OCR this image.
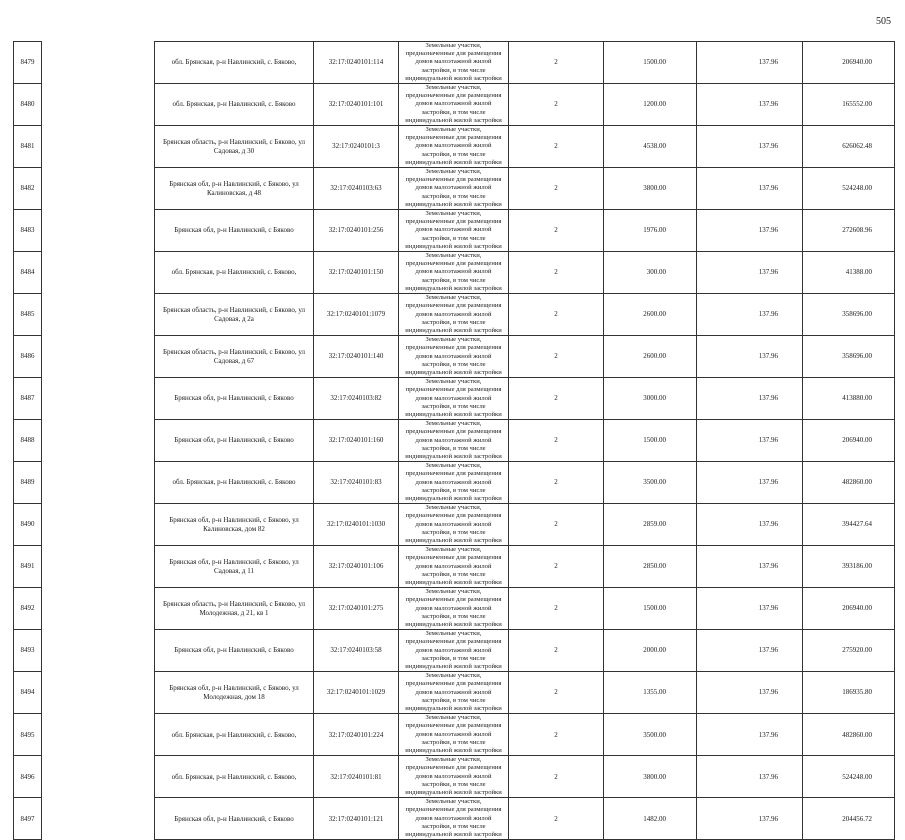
505
8479		обл. Брянская, р-н Навлинский, с. Бяково,	32:17:0240101:114	Земельные участки, предназначенные для размещения домов малоэтажной жилой застройки, в том числе индивидуальной жилой застройки	2	1500.00	137.96	206940.00
8480		обл. Брянская, р-н Навлинский, с. Бяково	32:17:0240101:101	Земельные участки, предназначенные для размещения домов малоэтажной жилой застройки, в том числе индивидуальной жилой застройки	2	1200.00	137.96	165552.00
8481		Брянская область, р-н Навлинский, с Бяково, ул Садовая, д 30	32:17:0240101:3	Земельные участки, предназначенные для размещения домов малоэтажной жилой застройки, в том числе индивидуальной жилой застройки	2	4538.00	137.96	626062.48
8482		Брянская обл, р-н Навлинский, с Бяково, ул Калиновская, д 48	32:17:0240103:63	Земельные участки, предназначенные для размещения домов малоэтажной жилой застройки, в том числе индивидуальной жилой застройки	2	3800.00	137.96	524248.00
8483		Брянская обл, р-н Навлинский, с Бяково	32:17:0240101:256	Земельные участки, предназначенные для размещения домов малоэтажной жилой застройки, в том числе индивидуальной жилой застройки	2	1976.00	137.96	272608.96
8484		обл. Брянская, р-н Навлинский, с. Бяково,	32:17:0240101:150	Земельные участки, предназначенные для размещения домов малоэтажной жилой застройки, в том числе индивидуальной жилой застройки	2	300.00	137.96	41388.00
8485		Брянская область, р-н Навлинский, с Бяково, ул Садовая, д 2а	32:17:0240101:1079	Земельные участки, предназначенные для размещения домов малоэтажной жилой застройки, в том числе индивидуальной жилой застройки	2	2600.00	137.96	358696.00
8486		Брянская область, р-н Навлинский, с Бяково, ул Садовая, д 67	32:17:0240101:140	Земельные участки, предназначенные для размещения домов малоэтажной жилой застройки, в том числе индивидуальной жилой застройки	2	2600.00	137.96	358696.00
8487		Брянская обл, р-н Навлинский, с Бяково	32:17:0240103:82	Земельные участки, предназначенные для размещения домов малоэтажной жилой застройки, в том числе индивидуальной жилой застройки	2	3000.00	137.96	413880.00
8488		Брянская обл, р-н Навлинский, с Бяково	32:17:0240101:160	Земельные участки, предназначенные для размещения домов малоэтажной жилой застройки, в том числе индивидуальной жилой застройки	2	1500.00	137.96	206940.00
8489		обл. Брянская, р-н Навлинский, с. Бяково	32:17:0240101:83	Земельные участки, предназначенные для размещения домов малоэтажной жилой застройки, в том числе индивидуальной жилой застройки	2	3500.00	137.96	482860.00
8490		Брянская обл, р-н Навлинский, с Бяково, ул Калиновская, дом 82	32:17:0240101:1030	Земельные участки, предназначенные для размещения домов малоэтажной жилой застройки, в том числе индивидуальной жилой застройки	2	2859.00	137.96	394427.64
8491		Брянская обл, р-н Навлинский, с Бяково, ул Садовая, д 11	32:17:0240101:106	Земельные участки, предназначенные для размещения домов малоэтажной жилой застройки, в том числе индивидуальной жилой застройки	2	2850.00	137.96	393186.00
8492		Брянская область, р-н Навлинский, с Бяково, ул Молодежная, д 21, кв 1	32:17:0240101:275	Земельные участки, предназначенные для размещения домов малоэтажной жилой застройки, в том числе индивидуальной жилой застройки	2	1500.00	137.96	206940.00
8493		Брянская обл, р-н Навлинский, с Бяково	32:17:0240103:58	Земельные участки, предназначенные для размещения домов малоэтажной жилой застройки, в том числе индивидуальной жилой застройки	2	2000.00	137.96	275920.00
8494		Брянская обл, р-н Навлинский, с Бяково, ул Молодежная, дом 18	32:17:0240101:1029	Земельные участки, предназначенные для размещения домов малоэтажной жилой застройки, в том числе индивидуальной жилой застройки	2	1355.00	137.96	186935.80
8495		обл. Брянская, р-н Навлинский, с. Бяково,	32:17:0240101:224	Земельные участки, предназначенные для размещения домов малоэтажной жилой застройки, в том числе индивидуальной жилой застройки	2	3500.00	137.96	482860.00
8496		обл. Брянская, р-н Навлинский, с. Бяково,	32:17:0240101:81	Земельные участки, предназначенные для размещения домов малоэтажной жилой застройки, в том числе индивидуальной жилой застройки	2	3800.00	137.96	524248.00
8497		Брянская обл, р-н Навлинский, с Бяково	32:17:0240101:121	Земельные участки, предназначенные для размещения домов малоэтажной жилой застройки, в том числе индивидуальной жилой застройки	2	1482.00	137.96	204456.72
